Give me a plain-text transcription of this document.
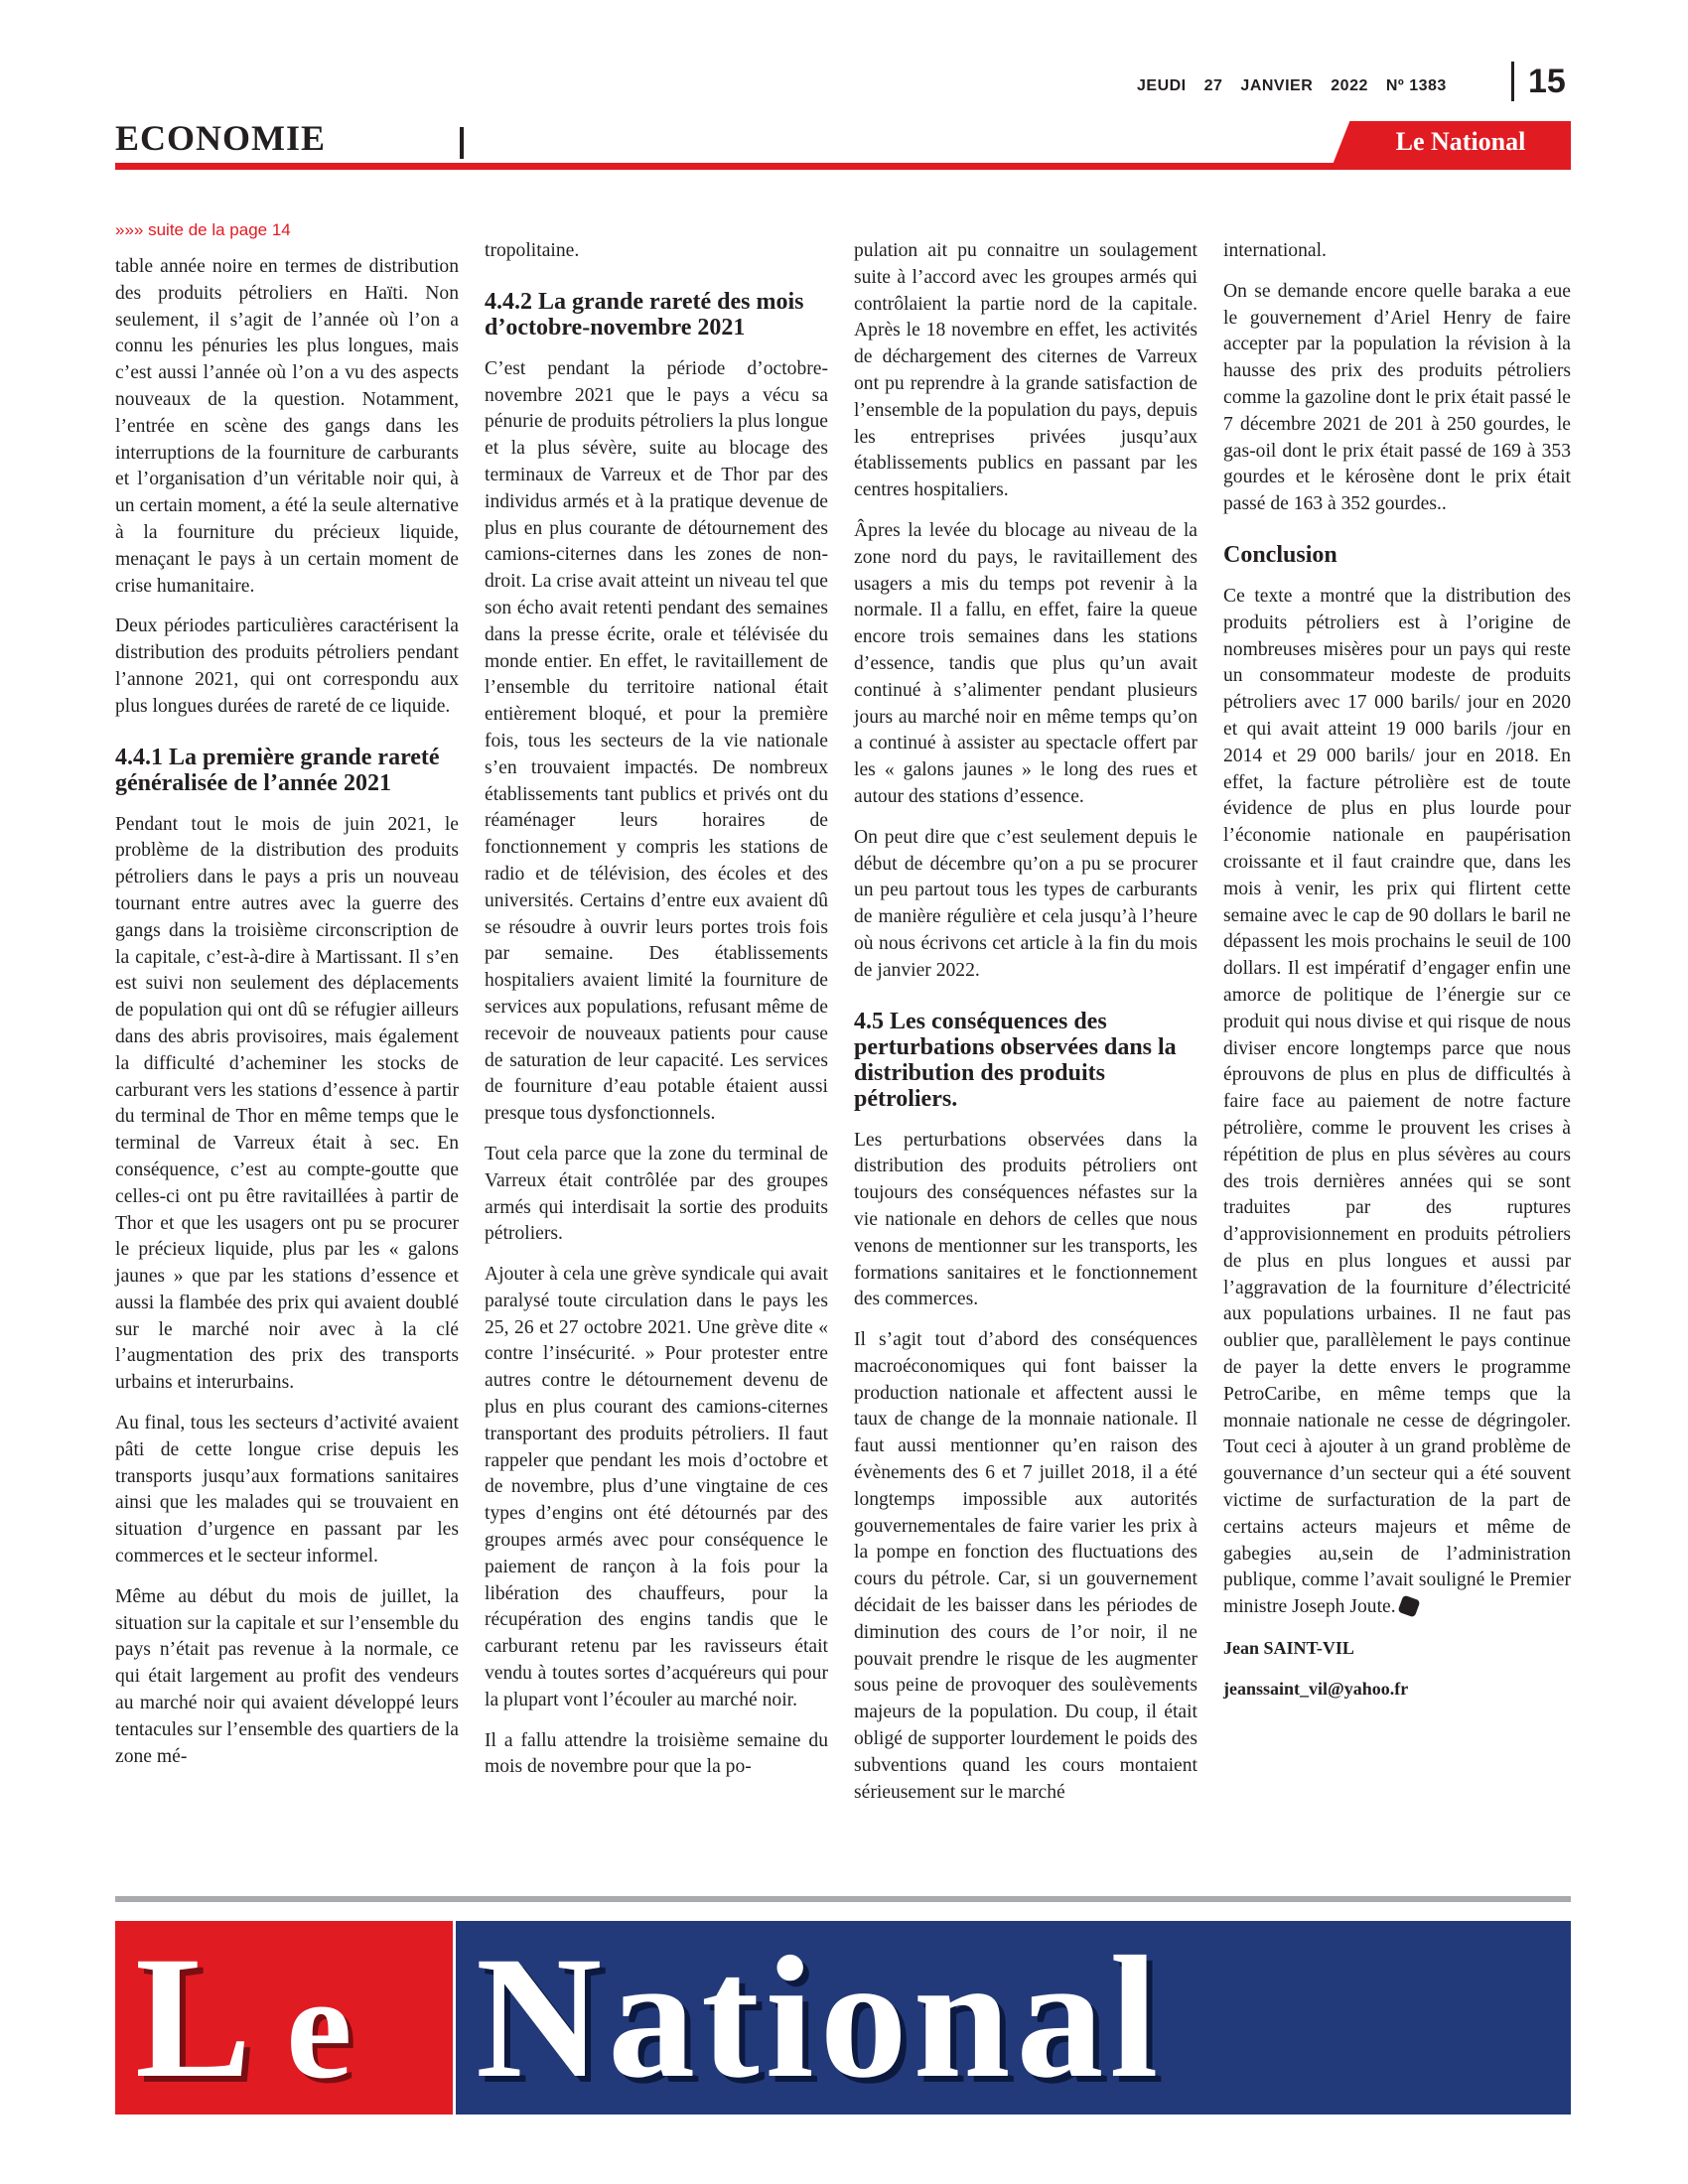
JEUDI 27 JANVIER 2022 Nº 1383	15
ECONOMIE	Le National

»»» suite de la page 14

table année noire en termes de distribution des produits pétroliers en Haïti. Non seulement, il s’agit de l’année où l’on a connu les pénuries les plus longues, mais c’est aussi l’année où l’on a vu des aspects nouveaux de la question. Notamment, l’entrée en scène des gangs dans les interruptions de la fourniture de carburants et l’organisation d’un véritable noir qui, à un certain moment, a été la seule alternative à la fourniture du précieux liquide, menaçant le pays à un certain moment de crise humanitaire.

Deux périodes particulières caractérisent la distribution des produits pétroliers pendant l’annone 2021, qui ont correspondu aux plus longues durées de rareté de ce liquide.

4.4.1 La première grande rareté généralisée de l’année 2021

Pendant tout le mois de juin 2021, le problème de la distribution des produits pétroliers dans le pays a pris un nouveau tournant entre autres avec la guerre des gangs dans la troisième circonscription de la capitale, c’est-à-dire à Martissant. Il s’en est suivi non seulement des déplacements de population qui ont dû se réfugier ailleurs dans des abris provisoires, mais également la difficulté d’acheminer les stocks de carburant vers les stations d’essence à partir du terminal de Thor en même temps que le terminal de Varreux était à sec. En conséquence, c’est au compte-goutte que celles-ci ont pu être ravitaillées à partir de Thor et que les usagers ont pu se procurer le précieux liquide, plus par les « galons jaunes » que par les stations d’essence et aussi la flambée des prix qui avaient doublé sur le marché noir avec à la clé l’augmentation des prix des transports urbains et interurbains.

Au final, tous les secteurs d’activité avaient pâti de cette longue crise depuis les transports jusqu’aux formations sanitaires ainsi que les malades qui se trouvaient en situation d’urgence en passant par les commerces et le secteur informel.

Même au début du mois de juillet, la situation sur la capitale et sur l’ensemble du pays n’était pas revenue à la normale, ce qui était largement au profit des vendeurs au marché noir qui avaient développé leurs tentacules sur l’ensemble des quartiers de la zone mé-

tropolitaine.

4.4.2 La grande rareté des mois d’octobre-novembre 2021

C’est pendant la période d’octobre-novembre 2021 que le pays a vécu sa pénurie de produits pétroliers la plus longue et la plus sévère, suite au blocage des terminaux de Varreux et de Thor par des individus armés et à la pratique devenue de plus en plus courante de détournement des camions-citernes dans les zones de non-droit. La crise avait atteint un niveau tel que son écho avait retenti pendant des semaines dans la presse écrite, orale et télévisée du monde entier. En effet, le ravitaillement de l’ensemble du territoire national était entièrement bloqué, et pour la première fois, tous les secteurs de la vie nationale s’en trouvaient impactés. De nombreux établissements tant publics et privés ont du réaménager leurs horaires de fonctionnement y compris les stations de radio et de télévision, des écoles et des universités. Certains d’entre eux avaient dû se résoudre à ouvrir leurs portes trois fois par semaine. Des établissements hospitaliers avaient limité la fourniture de services aux populations, refusant même de recevoir de nouveaux patients pour cause de saturation de leur capacité. Les services de fourniture d’eau potable étaient aussi presque tous dysfonctionnels.

Tout cela parce que la zone du terminal de Varreux était contrôlée par des groupes armés qui interdisait la sortie des produits pétroliers.

Ajouter à cela une grève syndicale qui avait paralysé toute circulation dans le pays les 25, 26 et 27 octobre 2021. Une grève dite « contre l’insécurité. » Pour protester entre autres contre le détournement devenu de plus en plus courant des camions-citernes transportant des produits pétroliers. Il faut rappeler que pendant les mois d’octobre et de novembre, plus d’une vingtaine de ces types d’engins ont été détournés par des groupes armés avec pour conséquence le paiement de rançon à la fois pour la libération des chauffeurs, pour la récupération des engins tandis que le carburant retenu par les ravisseurs était vendu à toutes sortes d’acquéreurs qui pour la plupart vont l’écouler au marché noir.

Il a fallu attendre la troisième semaine du mois de novembre pour que la po-

pulation ait pu connaitre un soulagement suite à l’accord avec les groupes armés qui contrôlaient la partie nord de la capitale. Après le 18 novembre en effet, les activités de déchargement des citernes de Varreux ont pu reprendre à la grande satisfaction de l’ensemble de la population du pays, depuis les entreprises privées jusqu’aux établissements publics en passant par les centres hospitaliers.

Âpres la levée du blocage au niveau de la zone nord du pays, le ravitaillement des usagers a mis du temps pot revenir à la normale. Il a fallu, en effet, faire la queue encore trois semaines dans les stations d’essence, tandis que plus qu’un avait continué à s’alimenter pendant plusieurs jours au marché noir en même temps qu’on a continué à assister au spectacle offert par les « galons jaunes » le long des rues et autour des stations d’essence.

On peut dire que c’est seulement depuis le début de décembre qu’on a pu se procurer un peu partout tous les types de carburants de manière régulière et cela jusqu’à l’heure où nous écrivons cet article à la fin du mois de janvier 2022.

4.5 Les conséquences des perturbations observées dans la distribution des produits pétroliers.

Les perturbations observées dans la distribution des produits pétroliers ont toujours des conséquences néfastes sur la vie nationale en dehors de celles que nous venons de mentionner sur les transports, les formations sanitaires et le fonctionnement des commerces.

Il s’agit tout d’abord des conséquences macroéconomiques qui font baisser la production nationale et affectent aussi le taux de change de la monnaie nationale. Il faut aussi mentionner qu’en raison des évènements des 6 et 7 juillet 2018, il a été longtemps impossible aux autorités gouvernementales de faire varier les prix à la pompe en fonction des fluctuations des cours du pétrole. Car, si un gouvernement décidait de les baisser dans les périodes de diminution des cours de l’or noir, il ne pouvait prendre le risque de les augmenter sous peine de provoquer des soulèvements majeurs de la population. Du coup, il était obligé de supporter lourdement le poids des subventions quand les cours montaient sérieusement sur le marché

international.

On se demande encore quelle baraka a eue le gouvernement d’Ariel Henry de faire accepter par la population la révision à la hausse des prix des produits pétroliers comme la gazoline dont le prix était passé le 7 décembre 2021 de 201 à 250 gourdes, le gas-oil dont le prix était passé de 169 à 353 gourdes et le kérosène dont le prix était passé de 163 à 352 gourdes..

Conclusion

Ce texte a montré que la distribution des produits pétroliers est à l’origine de nombreuses misères pour un pays qui reste un consommateur modeste de produits pétroliers avec 17 000 barils/ jour en 2020 et qui avait atteint 19 000 barils /jour en 2014 et 29 000 barils/ jour en 2018. En effet, la facture pétrolière est de toute évidence de plus en plus lourde pour l’économie nationale en paupérisation croissante et il faut craindre que, dans les mois à venir, les prix qui flirtent cette semaine avec le cap de 90 dollars le baril ne dépassent les mois prochains le seuil de 100 dollars. Il est impératif d’engager enfin une amorce de politique de l’énergie sur ce produit qui nous divise et qui risque de nous diviser encore longtemps parce que nous éprouvons de plus en plus de difficultés à faire face au paiement de notre facture pétrolière, comme le prouvent les crises à répétition de plus en plus sévères au cours des trois dernières années qui se sont traduites par des ruptures d’approvisionnement en produits pétroliers de plus en plus longues et aussi par l’aggravation de la fourniture d’électricité aux populations urbaines. Il ne faut pas oublier que, parallèlement le pays continue de payer la dette envers le programme PetroCaribe, en même temps que la monnaie nationale ne cesse de dégringoler. Tout ceci à ajouter à un grand problème de gouvernance d’un secteur qui a été souvent victime de surfacturation de la part de certains acteurs majeurs et même de gabegies au,sein de l’administration publique, comme l’avait souligné le Premier ministre Joseph Joute.

Jean SAINT-VIL

jeanssaint_vil@yahoo.fr

L e National
